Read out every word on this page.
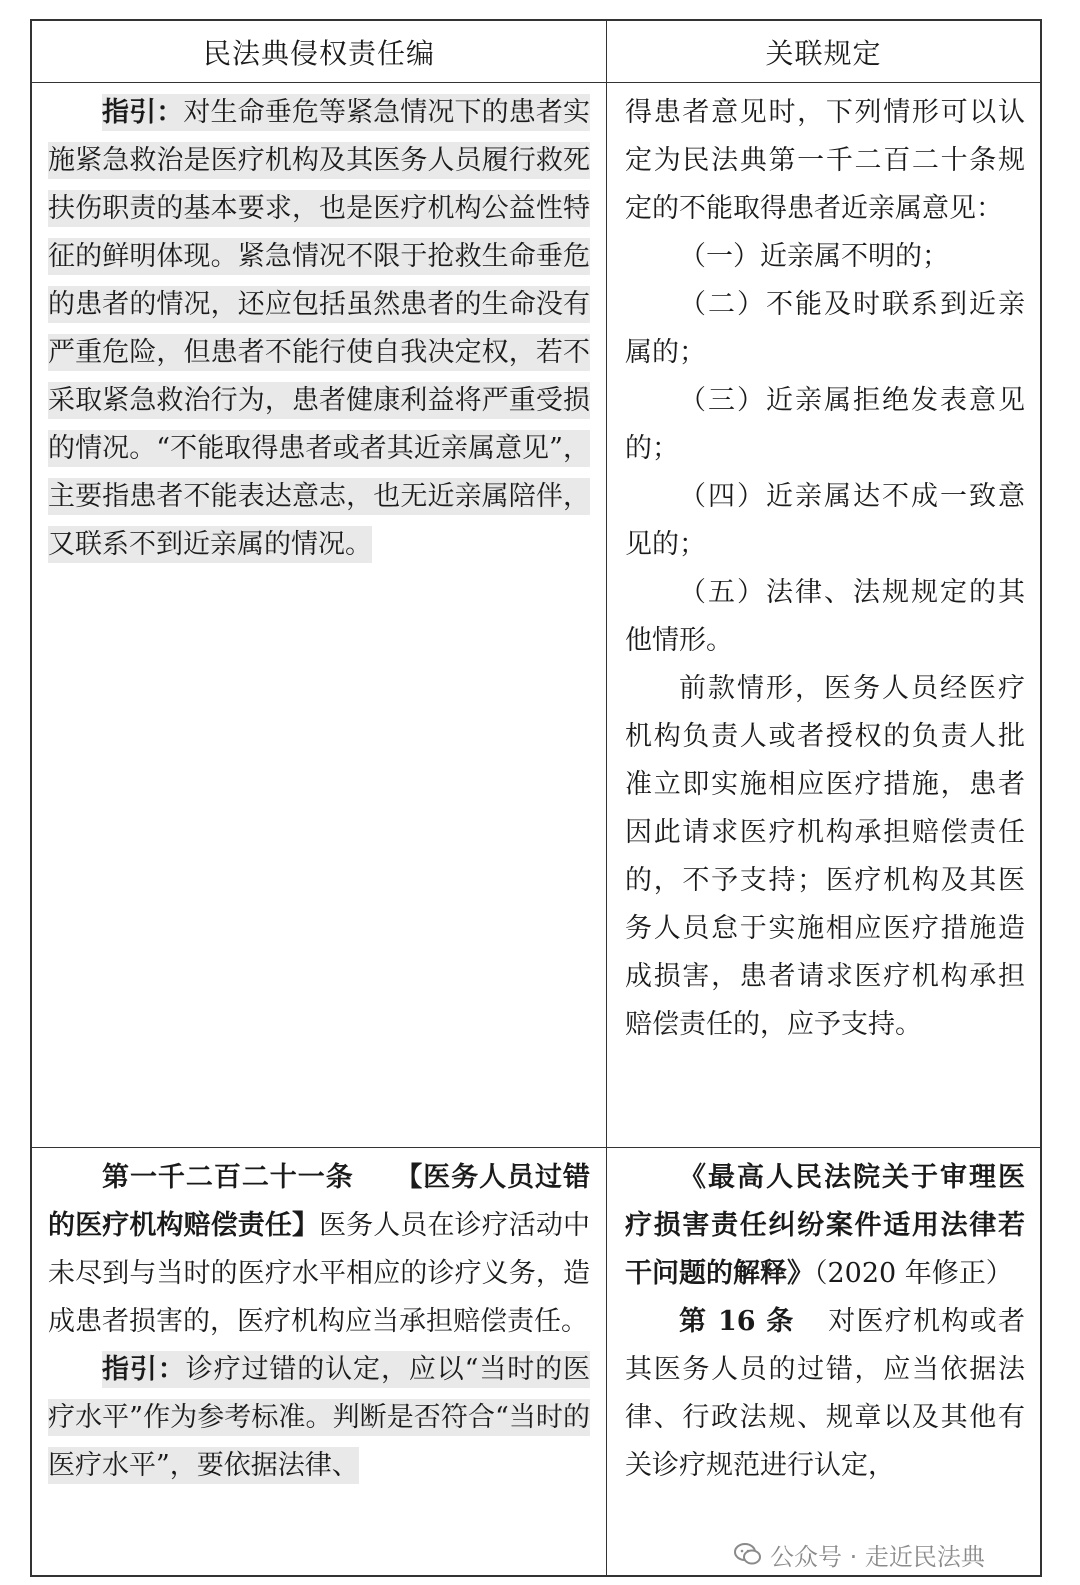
民法典侵权责任编	关联规定

指引：对生命垂危等紧急情况下的患者实施紧急救治是医疗机构及其医务人员履行救死扶伤职责的基本要求，也是医疗机构公益性特征的鲜明体现。紧急情况不限于抢救生命垂危的患者的情况，还应包括虽然患者的生命没有严重危险，但患者不能行使自我决定权，若不采取紧急救治行为，患者健康利益将严重受损的情况。“不能取得患者或者其近亲属意见”，主要指患者不能表达意志，也无近亲属陪伴，又联系不到近亲属的情况。

得患者意见时，下列情形可以认定为民法典第一千二百二十条规定的不能取得患者近亲属意见：

（一）近亲属不明的；

（二）不能及时联系到近亲属的；

（三）近亲属拒绝发表意见的；

（四）近亲属达不成一致意见的；

（五）法律、法规规定的其他情形。

前款情形，医务人员经医疗机构负责人或者授权的负责人批准立即实施相应医疗措施，患者因此请求医疗机构承担赔偿责任的，不予支持；医疗机构及其医务人员怠于实施相应医疗措施造成损害，患者请求医疗机构承担赔偿责任的，应予支持。

第一千二百二十一条 【医务人员过错的医疗机构赔偿责任】医务人员在诊疗活动中未尽到与当时的医疗水平相应的诊疗义务，造成患者损害的，医疗机构应当承担赔偿责任。

指引：诊疗过错的认定，应以“当时的医疗水平”作为参考标准。判断是否符合“当时的医疗水平”，要依据法律、

《最高人民法院关于审理医疗损害责任纠纷案件适用法律若干问题的解释》（2020 年修正）

第 16 条 对医疗机构或者其医务人员的过错，应当依据法律、行政法规、规章以及其他有关诊疗规范进行认定，

公众号 · 走近民法典
